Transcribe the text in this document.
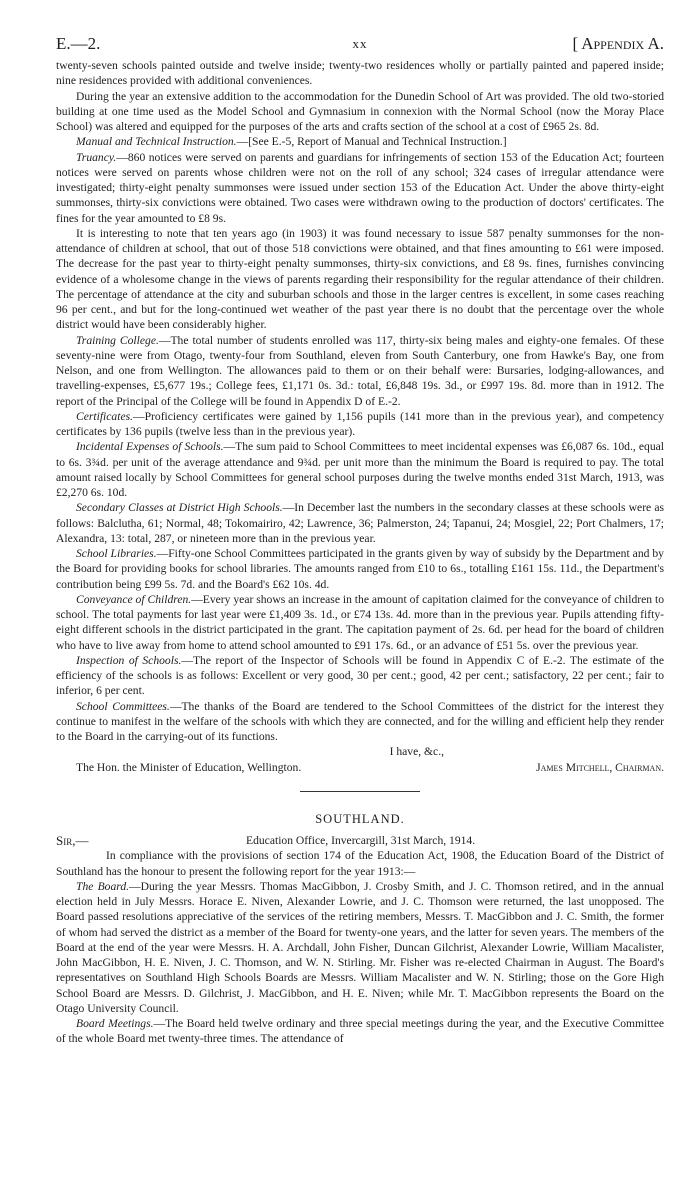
E.—2.	xx	[ Appendix A.

twenty-seven schools painted outside and twelve inside; twenty-two residences wholly or partially painted and papered inside; nine residences provided with additional conveniences.

During the year an extensive addition to the accommodation for the Dunedin School of Art was provided. The old two-storied building at one time used as the Model School and Gymnasium in connexion with the Normal School (now the Moray Place School) was altered and equipped for the purposes of the arts and crafts section of the school at a cost of £965 2s. 8d.

Manual and Technical Instruction.—[See E.-5, Report of Manual and Technical Instruction.]

Truancy.—860 notices were served on parents and guardians for infringements of section 153 of the Education Act; fourteen notices were served on parents whose children were not on the roll of any school; 324 cases of irregular attendance were investigated; thirty-eight penalty summonses were issued under section 153 of the Education Act. Under the above thirty-eight summonses, thirty-six convictions were obtained. Two cases were withdrawn owing to the production of doctors' certificates. The fines for the year amounted to £8 9s.

It is interesting to note that ten years ago (in 1903) it was found necessary to issue 587 penalty summonses for the non-attendance of children at school, that out of those 518 convictions were obtained, and that fines amounting to £61 were imposed. The decrease for the past year to thirty-eight penalty summonses, thirty-six convictions, and £8 9s. fines, furnishes convincing evidence of a wholesome change in the views of parents regarding their responsibility for the regular attendance of their children. The percentage of attendance at the city and suburban schools and those in the larger centres is excellent, in some cases reaching 96 per cent., and but for the long-continued wet weather of the past year there is no doubt that the percentage over the whole district would have been considerably higher.

Training College.—The total number of students enrolled was 117, thirty-six being males and eighty-one females. Of these seventy-nine were from Otago, twenty-four from Southland, eleven from South Canterbury, one from Hawke's Bay, one from Nelson, and one from Wellington. The allowances paid to them or on their behalf were: Bursaries, lodging-allowances, and travelling-expenses, £5,677 19s.; College fees, £1,171 0s. 3d.: total, £6,848 19s. 3d., or £997 19s. 8d. more than in 1912. The report of the Principal of the College will be found in Appendix D of E.-2.

Certificates.—Proficiency certificates were gained by 1,156 pupils (141 more than in the previous year), and competency certificates by 136 pupils (twelve less than in the previous year).

Incidental Expenses of Schools.—The sum paid to School Committees to meet incidental expenses was £6,087 6s. 10d., equal to 6s. 3¾d. per unit of the average attendance and 9¾d. per unit more than the minimum the Board is required to pay. The total amount raised locally by School Committees for general school purposes during the twelve months ended 31st March, 1913, was £2,270 6s. 10d.

Secondary Classes at District High Schools.—In December last the numbers in the secondary classes at these schools were as follows: Balclutha, 61; Normal, 48; Tokomairiro, 42; Lawrence, 36; Palmerston, 24; Tapanui, 24; Mosgiel, 22; Port Chalmers, 17; Alexandra, 13: total, 287, or nineteen more than in the previous year.

School Libraries.—Fifty-one School Committees participated in the grants given by way of subsidy by the Department and by the Board for providing books for school libraries. The amounts ranged from £10 to 6s., totalling £161 15s. 11d., the Department's contribution being £99 5s. 7d. and the Board's £62 10s. 4d.

Conveyance of Children.—Every year shows an increase in the amount of capitation claimed for the conveyance of children to school. The total payments for last year were £1,409 3s. 1d., or £74 13s. 4d. more than in the previous year. Pupils attending fifty-eight different schools in the district participated in the grant. The capitation payment of 2s. 6d. per head for the board of children who have to live away from home to attend school amounted to £91 17s. 6d., or an advance of £51 5s. over the previous year.

Inspection of Schools.—The report of the Inspector of Schools will be found in Appendix C of E.-2. The estimate of the efficiency of the schools is as follows: Excellent or very good, 30 per cent.; good, 42 per cent.; satisfactory, 22 per cent.; fair to inferior, 6 per cent.

School Committees.—The thanks of the Board are tendered to the School Committees of the district for the interest they continue to manifest in the welfare of the schools with which they are connected, and for the willing and efficient help they render to the Board in the carrying-out of its functions.

I have, &c.,
The Hon. the Minister of Education, Wellington.	James Mitchell, Chairman.
SOUTHLAND.
Sir,—	Education Office, Invercargill, 31st March, 1914.

In compliance with the provisions of section 174 of the Education Act, 1908, the Education Board of the District of Southland has the honour to present the following report for the year 1913:—

The Board.—During the year Messrs. Thomas MacGibbon, J. Crosby Smith, and J. C. Thomson retired, and in the annual election held in July Messrs. Horace E. Niven, Alexander Lowrie, and J. C. Thomson were returned, the last unopposed. The Board passed resolutions appreciative of the services of the retiring members, Messrs. T. MacGibbon and J. C. Smith, the former of whom had served the district as a member of the Board for twenty-one years, and the latter for seven years. The members of the Board at the end of the year were Messrs. H. A. Archdall, John Fisher, Duncan Gilchrist, Alexander Lowrie, William Macalister, John MacGibbon, H. E. Niven, J. C. Thomson, and W. N. Stirling. Mr. Fisher was re-elected Chairman in August. The Board's representatives on Southland High Schools Boards are Messrs. William Macalister and W. N. Stirling; those on the Gore High School Board are Messrs. D. Gilchrist, J. MacGibbon, and H. E. Niven; while Mr. T. MacGibbon represents the Board on the Otago University Council.

Board Meetings.—The Board held twelve ordinary and three special meetings during the year, and the Executive Committee of the whole Board met twenty-three times. The attendance of
